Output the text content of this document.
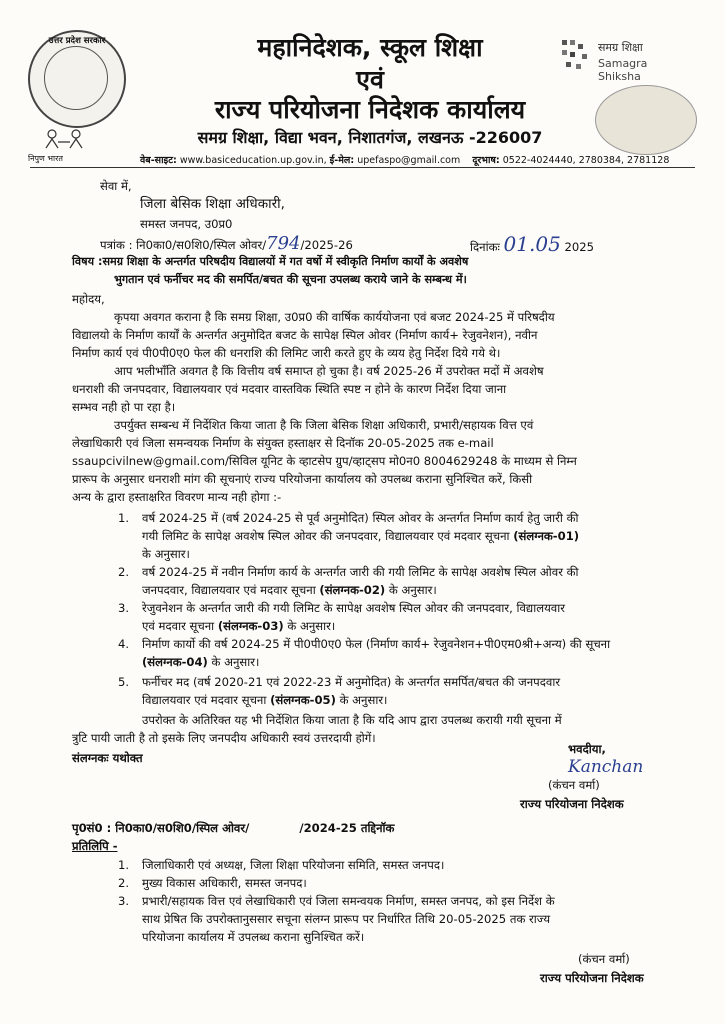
उत्तर प्रदेश सरकार
निपुण भारत
समग्र शिक्षा
Samagra Shiksha
महानिदेशक, स्कूल शिक्षा
एवं
राज्य परियोजना निदेशक कार्यालय
समग्र शिक्षा, विद्या भवन, निशातगंज, लखनऊ -226007
वेब-साइट: www.basiceducation.up.gov.in, ई-मेल: upefaspo@gmail.com दूरभाष: 0522-4024440, 2780384, 2781128
सेवा में,
जिला बेसिक शिक्षा अधिकारी,
समस्त जनपद, उ0प्र0
पत्रांक : नि0का0/स0शि0/स्पिल ओवर/794/2025-26	दिनांकः 01.05 2025
विषय :समग्र शिक्षा के अन्तर्गत परिषदीय विद्यालयों में गत वर्षो में स्वीकृति निर्माण कार्यों के अवशेष
भुगतान एवं फर्नीचर मद की समर्पित/बचत की सूचना उपलब्ध कराये जाने के सम्बन्ध में।
महोदय,
कृपया अवगत कराना है कि समग्र शिक्षा, उ0प्र0 की वार्षिक कार्ययोजना एवं बजट 2024-25 में परिषदीय
विद्यालयो के निर्माण कार्यों के अन्तर्गत अनुमोदित बजट के सापेक्ष स्पिल ओवर (निर्माण कार्य+ रेजुवनेशन), नवीन
निर्माण कार्य एवं पी0पी0ए0 फेल की धनराशि की लिमिट जारी करते हुए के व्यय हेतु निर्देश दिये गये थे।
आप भलीभाँति अवगत है कि वित्तीय वर्ष समाप्त हो चुका है। वर्ष 2025-26 में उपरोक्त मदों में अवशेष
धनराशी की जनपदवार, विद्यालयवार एवं मदवार वास्तविक स्थिति स्पष्ट न होने के कारण निर्देश दिया जाना
सम्भव नही हो पा रहा है।
उपर्युक्त सम्बन्ध में निर्देशित किया जाता है कि जिला बेसिक शिक्षा अधिकारी, प्रभारी/सहायक वित्त एवं
लेखाधिकारी एवं जिला समन्वयक निर्माण के संयुक्त हस्ताक्षर से दिनॉक 20-05-2025 तक e-mail
ssaupcivilnew@gmail.com/सिविल यूनिट के व्हाटसेप ग्रुप/व्हाट्सप मो0न0 8004629248 के माध्यम से निम्न
प्रारूप के अनुसार धनराशी मांग की सूचनाएं राज्य परियोजना कार्यालय को उपलब्ध कराना सुनिश्चित करें, किसी
अन्य के द्वारा हस्ताक्षरित विवरण मान्य नही होगा :-
1. वर्ष 2024-25 में (वर्ष 2024-25 से पूर्व अनुमोदित) स्पिल ओवर के अन्तर्गत निर्माण कार्य हेतु जारी की
गयी लिमिट के सापेक्ष अवशेष स्पिल ओवर की जनपदवार, विद्यालयवार एवं मदवार सूचना (संलग्नक-01)
के अनुसार।
2. वर्ष 2024-25 में नवीन निर्माण कार्य के अन्तर्गत जारी की गयी लिमिट के सापेक्ष अवशेष स्पिल ओवर की
जनपदवार, विद्यालयवार एवं मदवार सूचना (संलग्नक-02) के अनुसार।
3. रेजुवनेशन के अन्तर्गत जारी की गयी लिमिट के सापेक्ष अवशेष स्पिल ओवर की जनपदवार, विद्यालयवार
एवं मदवार सूचना (संलग्नक-03) के अनुसार।
4. निर्माण कार्यो की वर्ष 2024-25 में पी0पी0ए0 फेल (निर्माण कार्य+ रेजुवनेशन+पी0एम0श्री+अन्य) की सूचना
(संलग्नक-04) के अनुसार।
5. फर्नीचर मद (वर्ष 2020-21 एवं 2022-23 में अनुमोदित) के अन्तर्गत समर्पित/बचत की जनपदवार
विद्यालयवार एवं मदवार सूचना (संलग्नक-05) के अनुसार।
उपरोक्त के अतिरिक्त यह भी निर्देशित किया जाता है कि यदि आप द्वारा उपलब्ध करायी गयी सूचना में
त्रुटि पायी जाती है तो इसके लिए जनपदीय अधिकारी स्वयं उत्तरदायी होगें।
संलग्नकः यथोक्त
भवदीया,
Kanchan
(कंचन वर्मा)
राज्य परियोजना निदेशक
पृ0सं0 : नि0का0/स0शि0/स्पिल ओवर/	/2024-25 तद्दिनॉक
प्रतिलिपि -
1. जिलाधिकारी एवं अध्यक्ष, जिला शिक्षा परियोजना समिति, समस्त जनपद।
2. मुख्य विकास अधिकारी, समस्त जनपद।
3. प्रभारी/सहायक वित्त एवं लेखाधिकारी एवं जिला समन्वयक निर्माण, समस्त जनपद, को इस निर्देश के
साथ प्रेषित कि उपरोक्तानुससार सचूना संलग्न प्रारूप पर निर्धारित तिथि 20-05-2025 तक राज्य
परियोजना कार्यालय में उपलब्ध कराना सुनिश्चित करें।
(कंचन वर्मा)
राज्य परियोजना निदेशक
